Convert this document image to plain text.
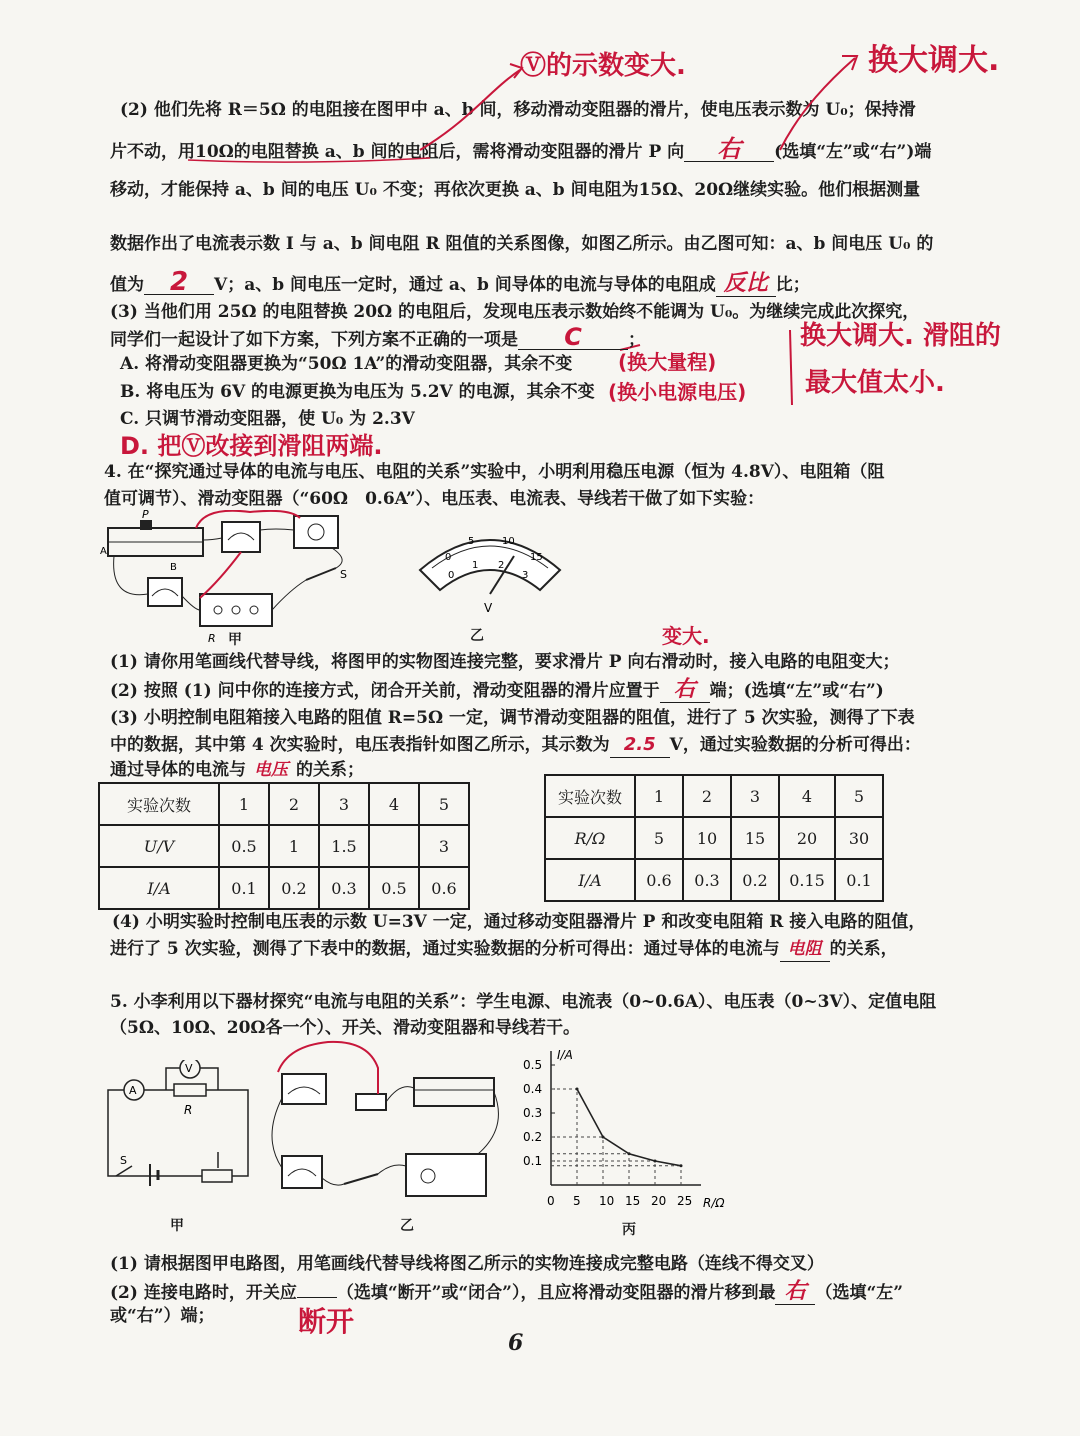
(2) 他们先将 R＝5Ω 的电阻接在图甲中 a、b 间，移动滑动变阻器的滑片，使电压表示数为 U₀；保持滑
片不动，用10Ω的电阻替换 a、b 间的电阻后，需将滑动变阻器的滑片 P 向 右 (选填“左”或“右”)端
移动，才能保持 a、b 间的电压 U₀ 不变；再依次更换 a、b 间电阻为15Ω、20Ω继续实验。他们根据测量
数据作出了电流表示数 I 与 a、b 间电阻 R 阻值的关系图像，如图乙所示。由乙图可知：a、b 间电压 U₀ 的
值为 2 V；a、b 间电压一定时，通过 a、b 间导体的电流与导体的电阻成 反比 比；
Ⓥ的示数变大.	换大调大.
(3) 当他们用 25Ω 的电阻替换 20Ω 的电阻后，发现电压表示数始终不能调为 U₀。为继续完成此次探究，
同学们一起设计了如下方案，下列方案不正确的一项是 C	；
A. 将滑动变阻器更换为“50Ω 1A”的滑动变阻器，其余不变 (换大量程)
B. 将电压为 6V 的电源更换为电压为 5.2V 的电源，其余不变 (换小电源电压)
C. 只调节滑动变阻器，使 U₀ 为 2.3V
D. 把Ⓥ改接到滑阻两端.
换大调大. 滑阻的
最大值太小.
4. 在“探究通过导体的电流与电压、电阻的关系”实验中，小明利用稳压电源（恒为 4.8V）、电阻箱（阻
值可调节）、滑动变阻器（“60Ω　0.6A”）、电压表、电流表、导线若干做了如下实验：
P
A
B
R
S
甲
0
5	10
15
0
1 2
3
V
乙	变大.
(1) 请你用笔画线代替导线，将图甲的实物图连接完整，要求滑片 P 向右滑动时，接入电路的电阻变大；
(2) 按照 (1) 问中你的连接方式，闭合开关前，滑动变阻器的滑片应置于 右 端；(选填“左”或“右”)
(3) 小明控制电阻箱接入电路的阻值 R=5Ω 一定，调节滑动变阻器的阻值，进行了 5 次实验，测得了下表
中的数据，其中第 4 次实验时，电压表指针如图乙所示，其示数为 2.5 V，通过实验数据的分析可得出：
通过导体的电流与 电压 的关系；
实验次数	1	2	3	4	5
U/V	0.5	1	1.5		3
I/A	0.1	0.2	0.3	0.5	0.6
实验次数	1	2	3	4	5
R/Ω	5	10	15	20	30
I/A	0.6	0.3	0.2	0.15	0.1
(4) 小明实验时控制电压表的示数 U=3V 一定，通过移动变阻器滑片 P 和改变电阻箱 R 接入电路的阻值，
进行了 5 次实验，测得了下表中的数据，通过实验数据的分析可得出：通过导体的电流与 电阻 的关系，
5. 小李利用以下器材探究“电流与电阻的关系”：学生电源、电流表（0~0.6A）、电压表（0~3V）、定值电阻
（5Ω、10Ω、20Ω各一个）、开关、滑动变阻器和导线若干。
R
A
V
S
甲	乙
I/A
R/Ω
0 5 10 15 20 25
0.1
0.2
0.3
0.4
0.5
丙
(1) 请根据图甲电路图，用笔画线代替导线将图乙所示的实物连接成完整电路（连线不得交叉）
(2) 连接电路时，开关应 （选填“断开”或“闭合”），且应将滑动变阻器的滑片移到最 右 （选填“左”
或“右”）端；	断开
6
